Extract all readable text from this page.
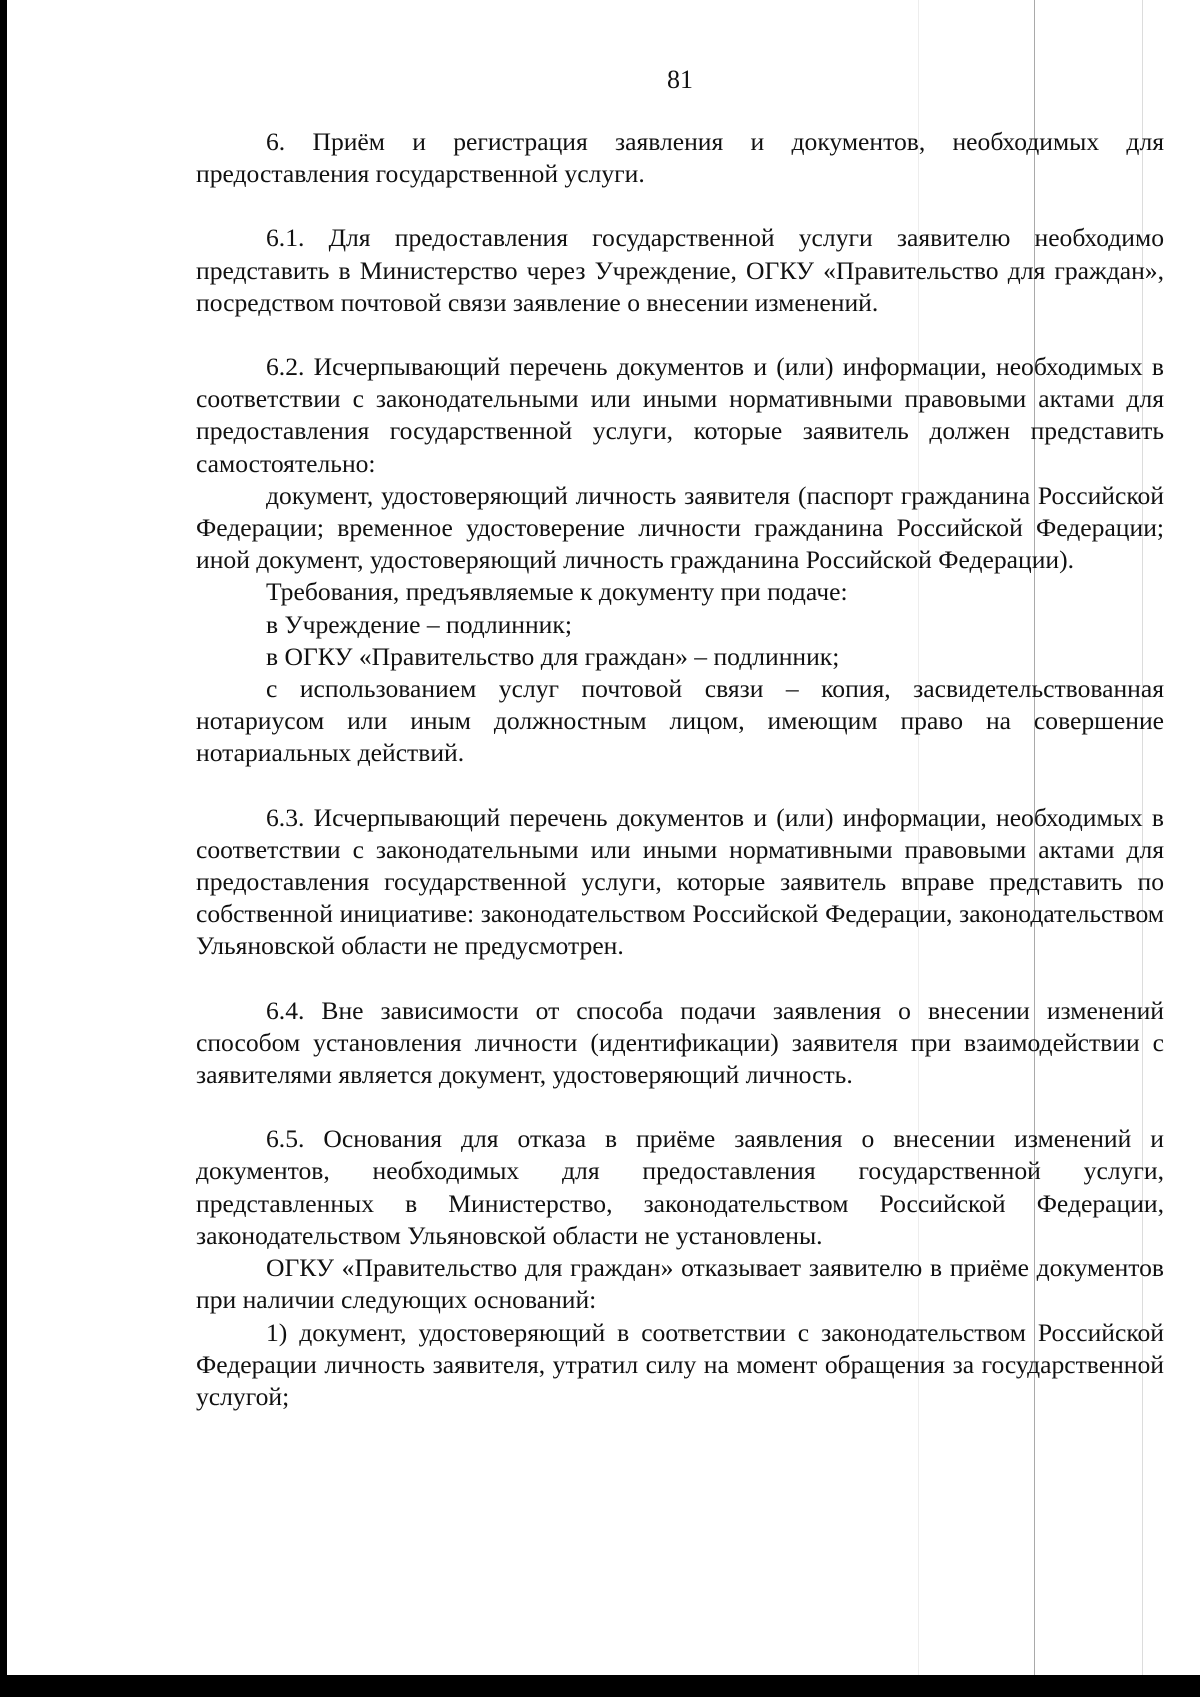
81

6. Приём и регистрация заявления и документов, необходимых для предоставления государственной услуги.

6.1. Для предоставления государственной услуги заявителю необходимо представить в Министерство через Учреждение, ОГКУ «Правительство для граждан», посредством почтовой связи заявление о внесении изменений.

6.2. Исчерпывающий перечень документов и (или) информации, необходимых в соответствии с законодательными или иными нормативными правовыми актами для предоставления государственной услуги, которые заявитель должен представить самостоятельно:

документ, удостоверяющий личность заявителя (паспорт гражданина Российской Федерации; временное удостоверение личности гражданина Российской Федерации; иной документ, удостоверяющий личность гражданина Российской Федерации).

Требования, предъявляемые к документу при подаче:

в Учреждение – подлинник;

в ОГКУ «Правительство для граждан» – подлинник;

с использованием услуг почтовой связи – копия, засвидетельствованная нотариусом или иным должностным лицом, имеющим право на совершение нотариальных действий.

6.3. Исчерпывающий перечень документов и (или) информации, необходимых в соответствии с законодательными или иными нормативными правовыми актами для предоставления государственной услуги, которые заявитель вправе представить по собственной инициативе: законодательством Российской Федерации, законодательством Ульяновской области не предусмотрен.

6.4. Вне зависимости от способа подачи заявления о внесении изменений способом установления личности (идентификации) заявителя при взаимодействии с заявителями является документ, удостоверяющий личность.

6.5. Основания для отказа в приёме заявления о внесении изменений и документов, необходимых для предоставления государственной услуги, представленных в Министерство, законодательством Российской Федерации, законодательством Ульяновской области не установлены.

ОГКУ «Правительство для граждан» отказывает заявителю в приёме документов при наличии следующих оснований:

1) документ, удостоверяющий в соответствии с законодательством Российской Федерации личность заявителя, утратил силу на момент обращения за государственной услугой;
